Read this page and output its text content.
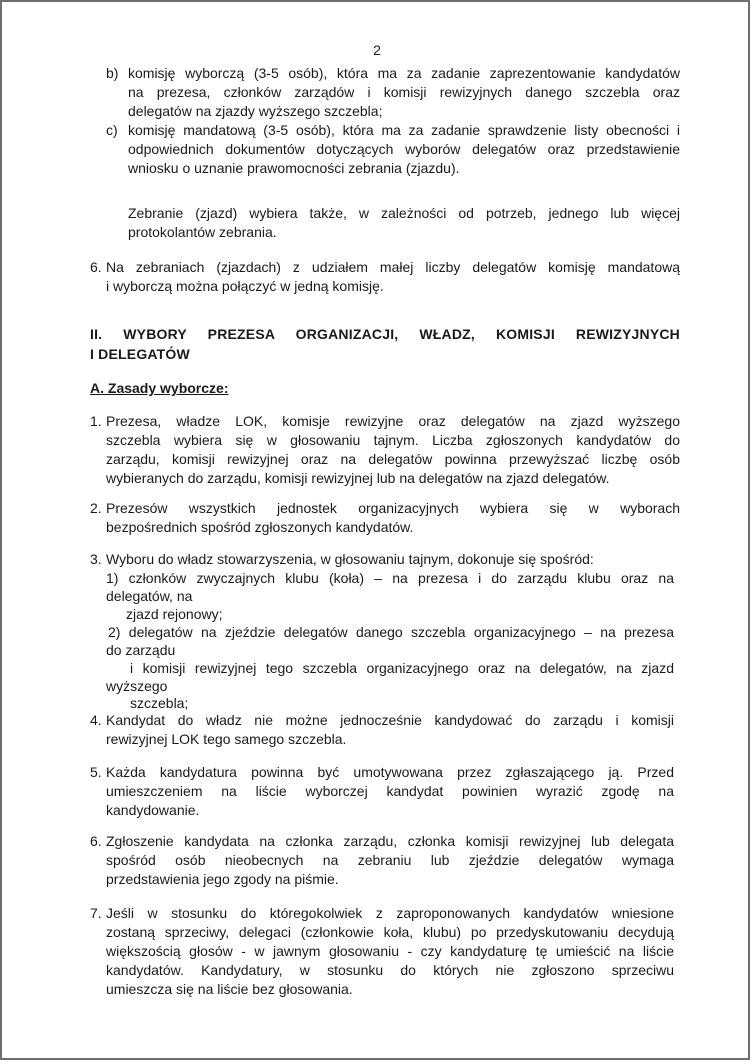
2
b) komisję wyborczą (3-5 osób), która ma za zadanie zaprezentowanie kandydatów
na prezesa, członków zarządów i komisji rewizyjnych danego szczebla oraz
delegatów na zjazdy wyższego szczebla;
c) komisję mandatową (3-5 osób), która ma za zadanie sprawdzenie listy obecności i
odpowiednich dokumentów dotyczących wyborów delegatów oraz przedstawienie
wniosku o uznanie prawomocności zebrania (zjazdu).
Zebranie (zjazd) wybiera także, w zależności od potrzeb, jednego lub więcej
protokolantów zebrania.
6. Na zebraniach (zjazdach) z udziałem małej liczby delegatów komisję mandatową
i wyborczą można połączyć w jedną komisję.
II. WYBORY PREZESA ORGANIZACJI, WŁADZ, KOMISJI REWIZYJNYCH
I DELEGATÓW
A. Zasady wyborcze:
1. Prezesa, władze LOK, komisje rewizyjne oraz delegatów na zjazd wyższego
szczebla wybiera się w głosowaniu tajnym. Liczba zgłoszonych kandydatów do
zarządu, komisji rewizyjnej oraz na delegatów powinna przewyższać liczbę osób
wybieranych do zarządu, komisji rewizyjnej lub na delegatów na zjazd delegatów.
2. Prezesów wszystkich jednostek organizacyjnych wybiera się w wyborach
bezpośrednich spośród zgłoszonych kandydatów.
3. Wyboru do władz stowarzyszenia, w głosowaniu tajnym, dokonuje się spośród:
1) członków zwyczajnych klubu (koła) – na prezesa i do zarządu klubu oraz na
delegatów, na
zjazd rejonowy;
2) delegatów na zjeździe delegatów danego szczebla organizacyjnego – na prezesa
do zarządu
i komisji rewizyjnej tego szczebla organizacyjnego oraz na delegatów, na zjazd
wyższego
szczebla;
4. Kandydat do władz nie możne jednocześnie kandydować do zarządu i komisji
rewizyjnej LOK tego samego szczebla.
5. Każda kandydatura powinna być umotywowana przez zgłaszającego ją. Przed
umieszczeniem na liście wyborczej kandydat powinien wyrazić zgodę na
kandydowanie.
6. Zgłoszenie kandydata na członka zarządu, członka komisji rewizyjnej lub delegata
spośród osób nieobecnych na zebraniu lub zjeździe delegatów wymaga
przedstawienia jego zgody na piśmie.
7. Jeśli w stosunku do któregokolwiek z zaproponowanych kandydatów wniesione
zostaną sprzeciwy, delegaci (członkowie koła, klubu) po przedyskutowaniu decydują
większością głosów - w jawnym głosowaniu - czy kandydaturę tę umieścić na liście
kandydatów. Kandydatury, w stosunku do których nie zgłoszono sprzeciwu
umieszcza się na liście bez głosowania.
